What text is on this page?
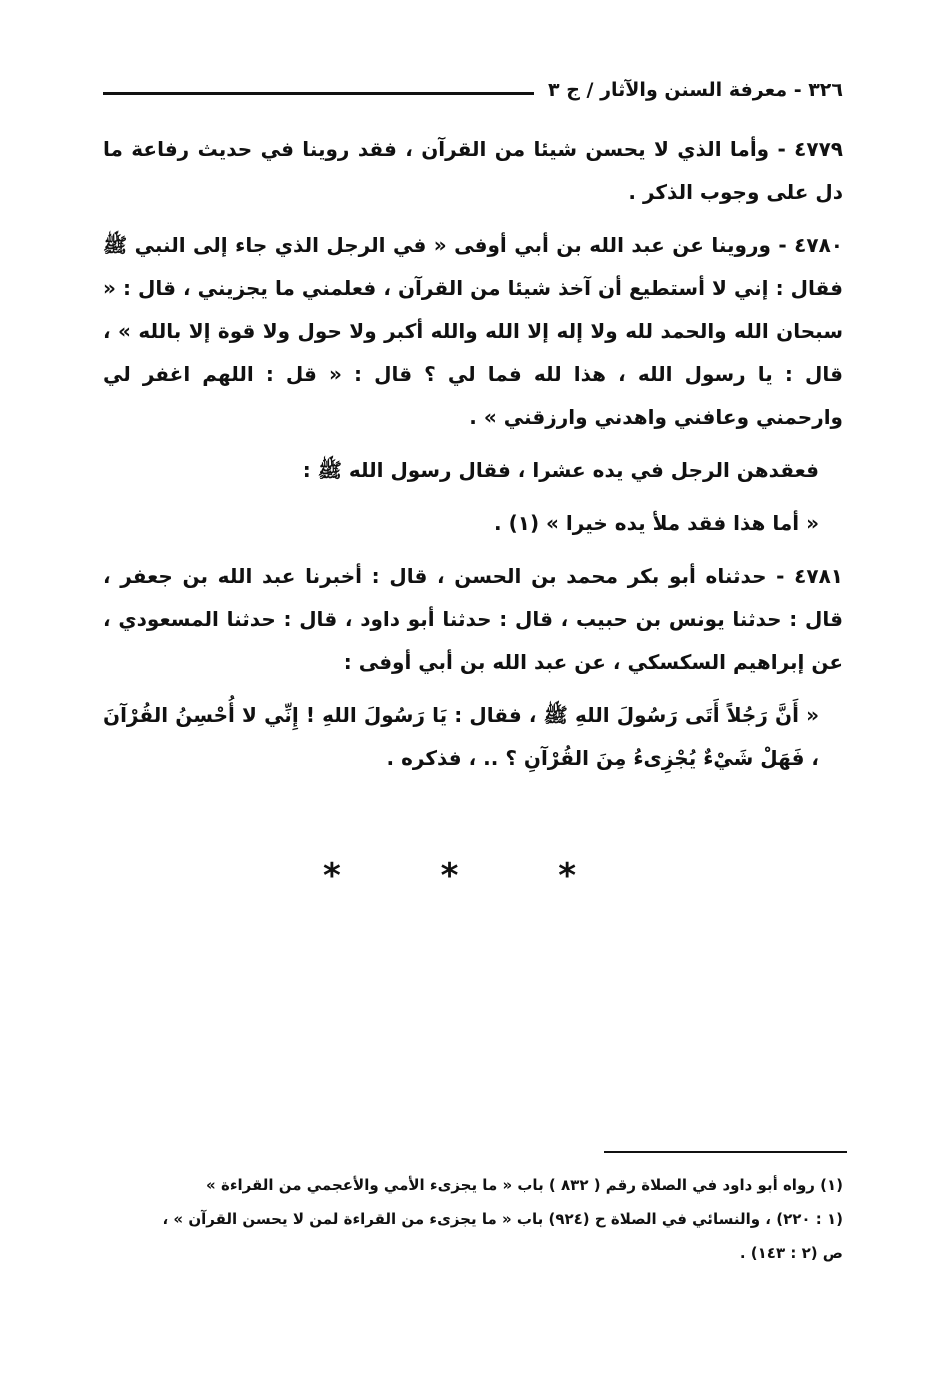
٣٢٦ - معرفة السنن والآثار / ج ٣

٤٧٧٩ - وأما الذي لا يحسن شيئا من القرآن ، فقد روينا في حديث رفاعة ما دل على وجوب الذكر .

٤٧٨٠ - وروينا عن عبد الله بن أبي أوفى « في الرجل الذي جاء إلى النبي ﷺ فقال : إني لا أستطيع أن آخذ شيئا من القرآن ، فعلمني ما يجزيني ، قال : « سبحان الله والحمد لله ولا إله إلا الله والله أكبر ولا حول ولا قوة إلا بالله » ، قال : يا رسول الله ، هذا لله فما لي ؟ قال : « قل : اللهم اغفر لي وارحمني وعافني واهدني وارزقني » .

فعقدهن الرجل في يده عشرا ، فقال رسول الله ﷺ :

« أما هذا فقد ملأ يده خيرا » (١) .

٤٧٨١ - حدثناه أبو بكر محمد بن الحسن ، قال : أخبرنا عبد الله بن جعفر ، قال : حدثنا يونس بن حبيب ، قال : حدثنا أبو داود ، قال : حدثنا المسعودي ، عن إبراهيم السكسكي ، عن عبد الله بن أبي أوفى :

« أَنَّ رَجُلاً أَتَى رَسُولَ اللهِ ﷺ ، فقال : يَا رَسُولَ اللهِ ! إِنِّي لا أُحْسِنُ القُرْآنَ ، فَهَلْ شَيْءٌ يُجْزِىءُ مِنَ القُرْآنِ ؟ .. ، فذكره .

* * *

(١) رواه أبو داود في الصلاة رقم ( ٨٣٢ ) باب « ما يجزىء الأمي والأعجمي من القراءة »

(١ : ٢٢٠) ، والنسائي في الصلاة ح (٩٢٤) باب « ما يجزىء من القراءة لمن لا يحسن القرآن » ،

ص (٢ : ١٤٣) .
